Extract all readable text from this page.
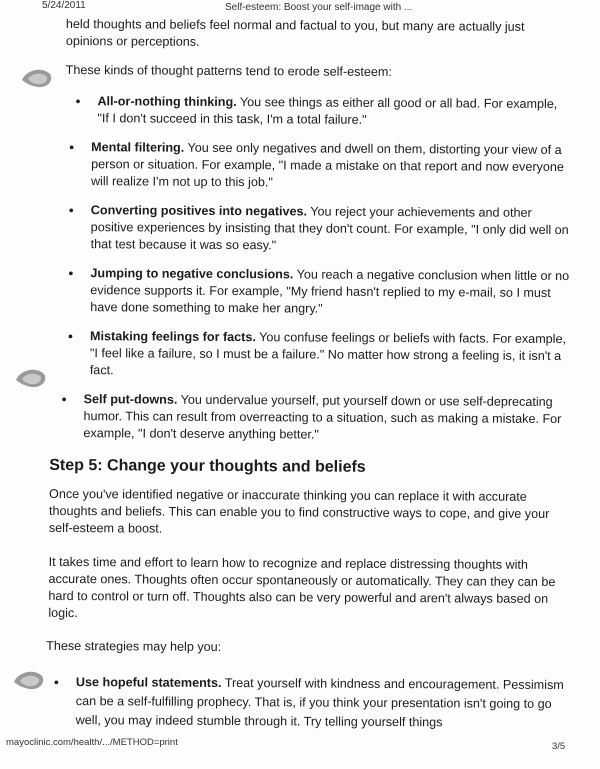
5/24/2011	Self-esteem: Boost your self-image with ...

held thoughts and beliefs feel normal and factual to you, but many are actually just opinions or perceptions.

These kinds of thought patterns tend to erode self-esteem:

• All-or-nothing thinking. You see things as either all good or all bad. For example, "If I don't succeed in this task, I'm a total failure."
• Mental filtering. You see only negatives and dwell on them, distorting your view of a person or situation. For example, "I made a mistake on that report and now everyone will realize I'm not up to this job."
• Converting positives into negatives. You reject your achievements and other positive experiences by insisting that they don't count. For example, "I only did well on that test because it was so easy."
• Jumping to negative conclusions. You reach a negative conclusion when little or no evidence supports it. For example, "My friend hasn't replied to my e-mail, so I must have done something to make her angry."
• Mistaking feelings for facts. You confuse feelings or beliefs with facts. For example, "I feel like a failure, so I must be a failure." No matter how strong a feeling is, it isn't a fact.
• Self put-downs. You undervalue yourself, put yourself down or use self-deprecating humor. This can result from overreacting to a situation, such as making a mistake. For example, "I don't deserve anything better."
Step 5: Change your thoughts and beliefs

Once you've identified negative or inaccurate thinking you can replace it with accurate thoughts and beliefs. This can enable you to find constructive ways to cope, and give your self-esteem a boost.

It takes time and effort to learn how to recognize and replace distressing thoughts with accurate ones. Thoughts often occur spontaneously or automatically. They can they can be hard to control or turn off. Thoughts also can be very powerful and aren't always based on logic.

These strategies may help you:

• Use hopeful statements. Treat yourself with kindness and encouragement. Pessimism can be a self-fulfilling prophecy. That is, if you think your presentation isn't going to go well, you may indeed stumble through it. Try telling yourself things
mayoclinic.com/health/.../METHOD=print	3/5
